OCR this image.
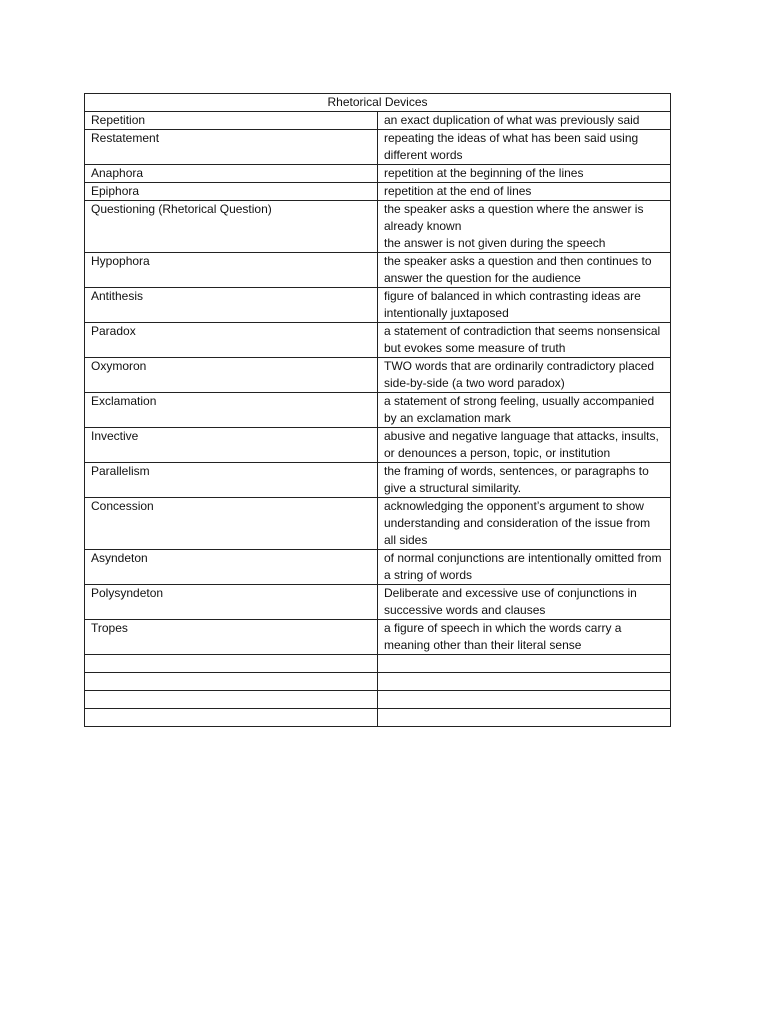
Rhetorical Devices	
Repetition	an exact duplication of what was previously said

Restatement	repeating the ideas of what has been said using different words

Anaphora	repetition at the beginning of the lines

Epiphora	repetition at the end of lines

Questioning (Rhetorical Question)	the speaker asks a question where the answer is already known
the answer is not given during the speech

Hypophora	the speaker asks a question and then continues to answer the question for the audience

Antithesis	figure of balanced in which contrasting ideas are intentionally juxtaposed

Paradox	a statement of contradiction that seems nonsensical but evokes some measure of truth

Oxymoron	TWO words that are ordinarily contradictory placed side-by-side (a two word paradox)

Exclamation	a statement of strong feeling, usually accompanied by an exclamation mark

Invective	abusive and negative language that attacks, insults, or denounces a person, topic, or institution

Parallelism	the framing of words, sentences, or paragraphs to give a structural similarity.

Concession	acknowledging the opponent’s argument to show understanding and consideration of the issue from all sides

Asyndeton	of normal conjunctions are intentionally omitted from a string of words

Polysyndeton	Deliberate and excessive use of conjunctions in successive words and clauses

Tropes	a figure of speech in which the words carry a meaning other than their literal sense
